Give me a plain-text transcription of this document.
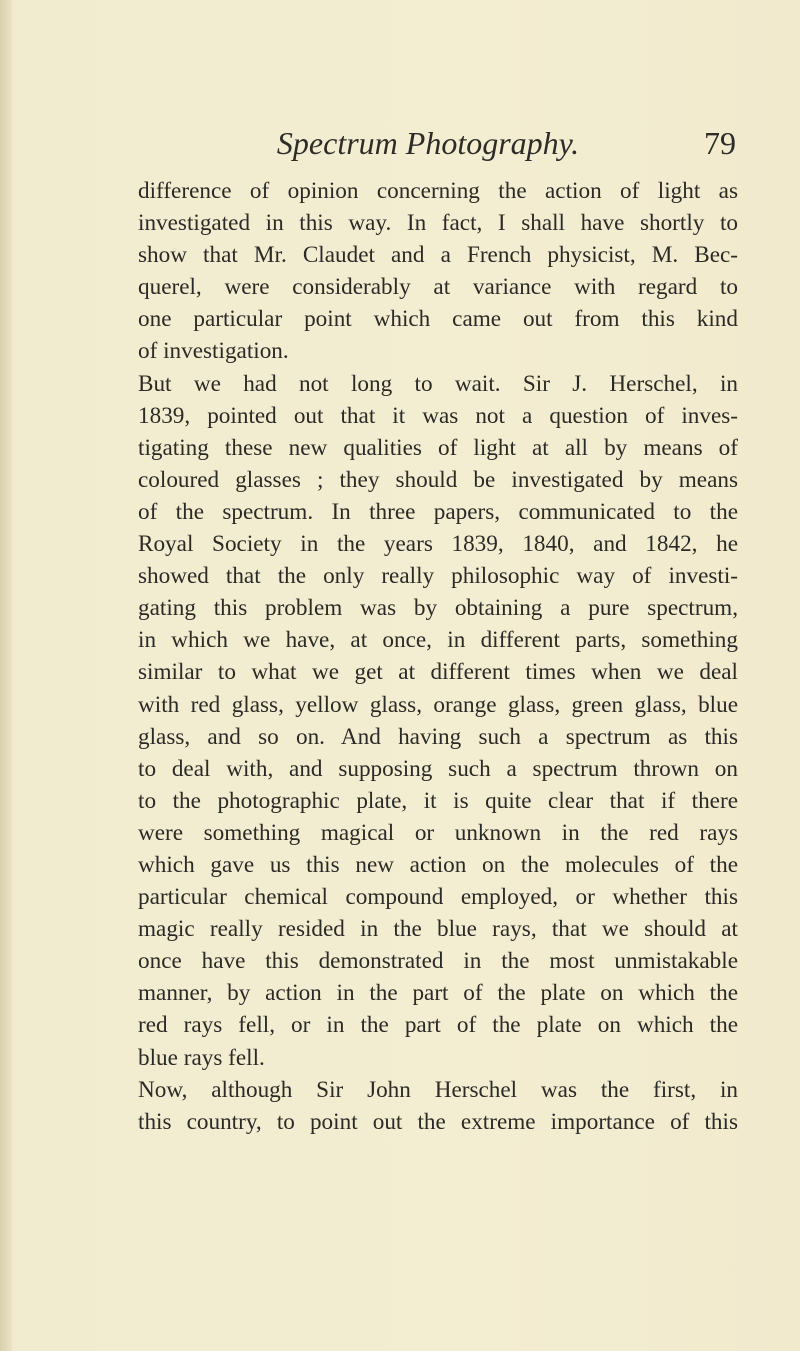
Spectrum Photography.	79
difference of opinion concerning the action of light as
investigated in this way. In fact, I shall have shortly to
show that Mr. Claudet and a French physicist, M. Bec-
querel, were considerably at variance with regard to
one particular point which came out from this kind
of investigation.
But we had not long to wait. Sir J. Herschel, in
1839, pointed out that it was not a question of inves-
tigating these new qualities of light at all by means of
coloured glasses ; they should be investigated by means
of the spectrum. In three papers, communicated to the
Royal Society in the years 1839, 1840, and 1842, he
showed that the only really philosophic way of investi-
gating this problem was by obtaining a pure spectrum,
in which we have, at once, in different parts, something
similar to what we get at different times when we deal
with red glass, yellow glass, orange glass, green glass, blue
glass, and so on. And having such a spectrum as this
to deal with, and supposing such a spectrum thrown on
to the photographic plate, it is quite clear that if there
were something magical or unknown in the red rays
which gave us this new action on the molecules of the
particular chemical compound employed, or whether this
magic really resided in the blue rays, that we should at
once have this demonstrated in the most unmistakable
manner, by action in the part of the plate on which the
red rays fell, or in the part of the plate on which the
blue rays fell.
Now, although Sir John Herschel was the first, in
this country, to point out the extreme importance of this
